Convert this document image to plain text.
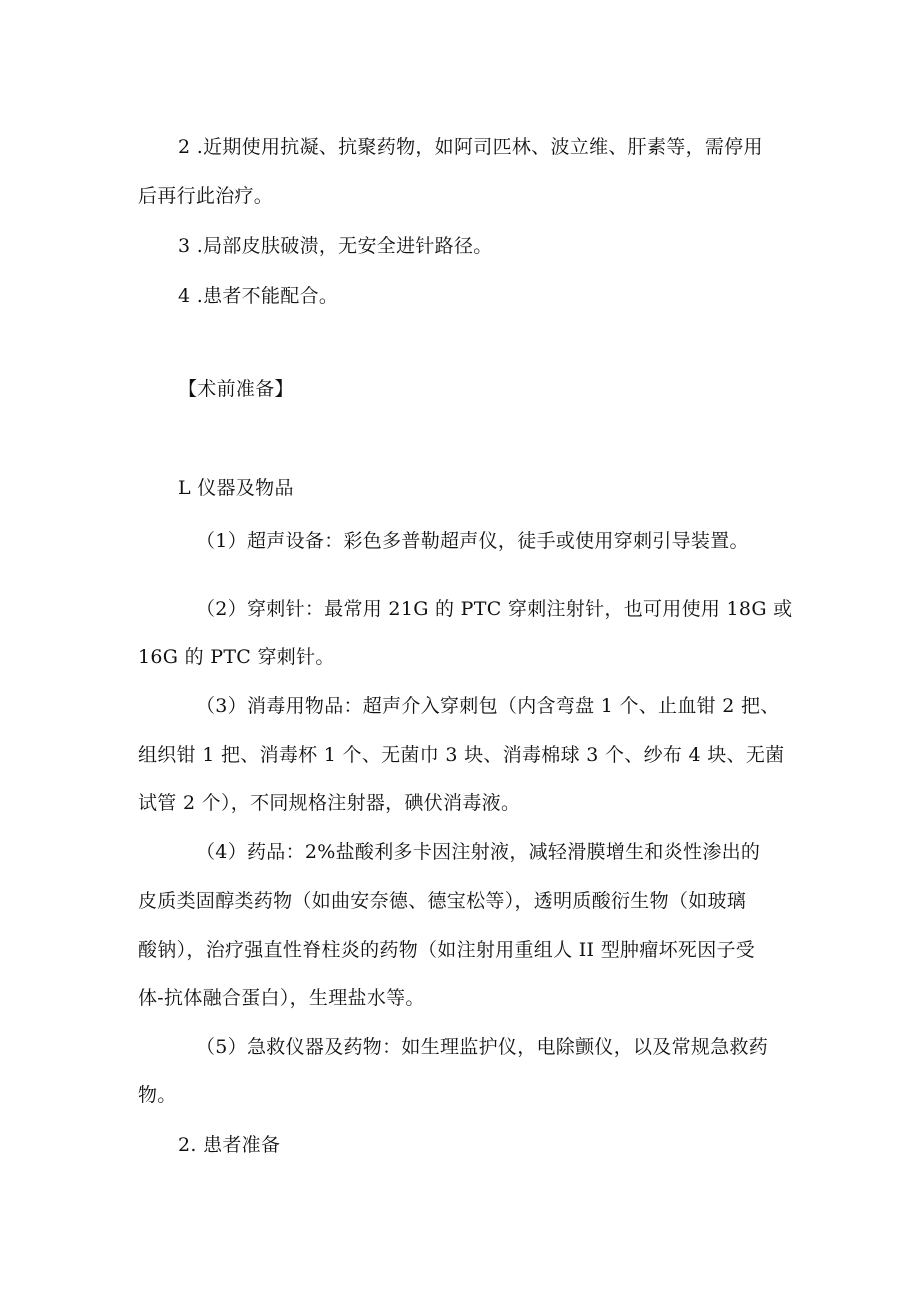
2 .近期使用抗凝、抗聚药物，如阿司匹林、波立维、肝素等，需停用
后再行此治疗。
3 .局部皮肤破溃，无安全进针路径。
4 .患者不能配合。
【术前准备】
L 仪器及物品
（1）超声设备：彩色多普勒超声仪，徒手或使用穿刺引导装置。
（2）穿刺针：最常用 21G 的 PTC 穿刺注射针，也可用使用 18G 或
16G 的 PTC 穿刺针。
（3）消毒用物品：超声介入穿刺包（内含弯盘 1 个、止血钳 2 把、
组织钳 1 把、消毒杯 1 个、无菌巾 3 块、消毒棉球 3 个、纱布 4 块、无菌
试管 2 个），不同规格注射器，碘伏消毒液。
（4）药品：2%盐酸利多卡因注射液，减轻滑膜增生和炎性渗出的
皮质类固醇类药物（如曲安奈德、德宝松等），透明质酸衍生物（如玻璃
酸钠），治疗强直性脊柱炎的药物（如注射用重组人 II 型肿瘤坏死因子受
体-抗体融合蛋白），生理盐水等。
（5）急救仪器及药物：如生理监护仪，电除颤仪，以及常规急救药
物。
2. 患者准备
